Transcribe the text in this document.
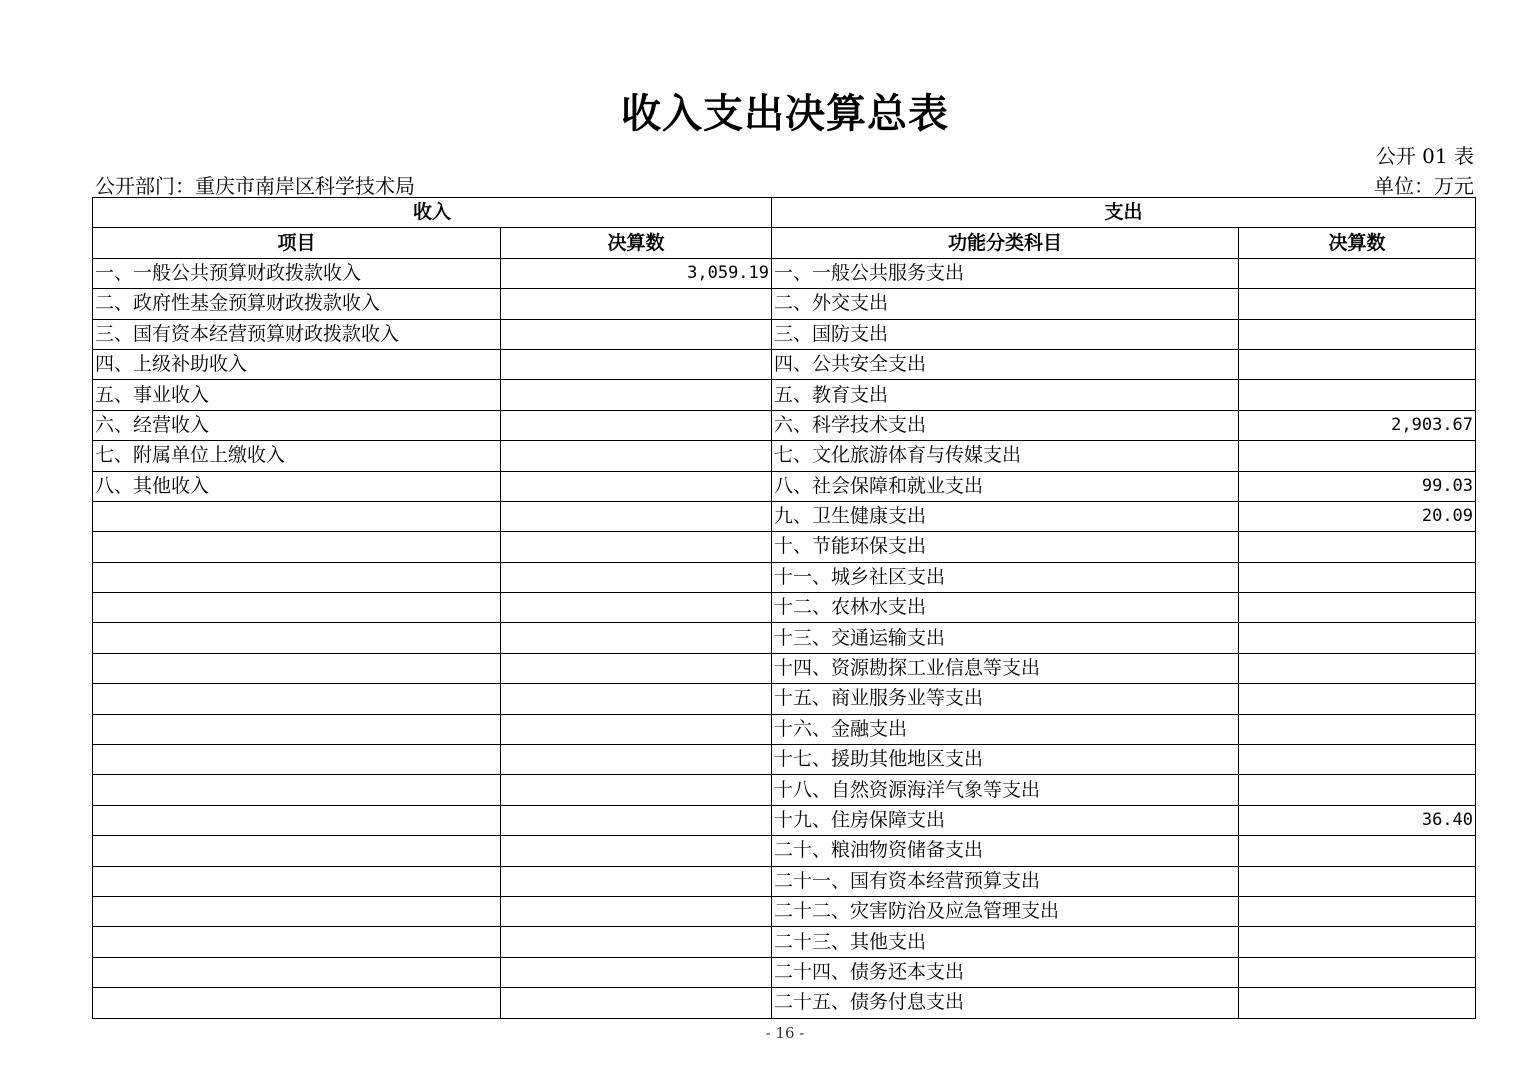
收入支出决算总表
公开 01 表
公开部门：重庆市南岸区科学技术局	单位：万元
收入		支出	
项目	决算数	功能分类科目	决算数
一、一般公共预算财政拨款收入	3,059.19	一、一般公共服务支出	
二、政府性基金预算财政拨款收入		二、外交支出	
三、国有资本经营预算财政拨款收入		三、国防支出	
四、上级补助收入		四、公共安全支出	
五、事业收入		五、教育支出	
六、经营收入		六、科学技术支出	2,903.67
七、附属单位上缴收入		七、文化旅游体育与传媒支出	
八、其他收入		八、社会保障和就业支出	99.03
		九、卫生健康支出	20.09
		十、节能环保支出	
		十一、城乡社区支出	
		十二、农林水支出	
		十三、交通运输支出	
		十四、资源勘探工业信息等支出	
		十五、商业服务业等支出	
		十六、金融支出	
		十七、援助其他地区支出	
		十八、自然资源海洋气象等支出	
		十九、住房保障支出	36.40
		二十、粮油物资储备支出	
		二十一、国有资本经营预算支出	
		二十二、灾害防治及应急管理支出	
		二十三、其他支出	
		二十四、债务还本支出	
		二十五、债务付息支出	
- 16 -
